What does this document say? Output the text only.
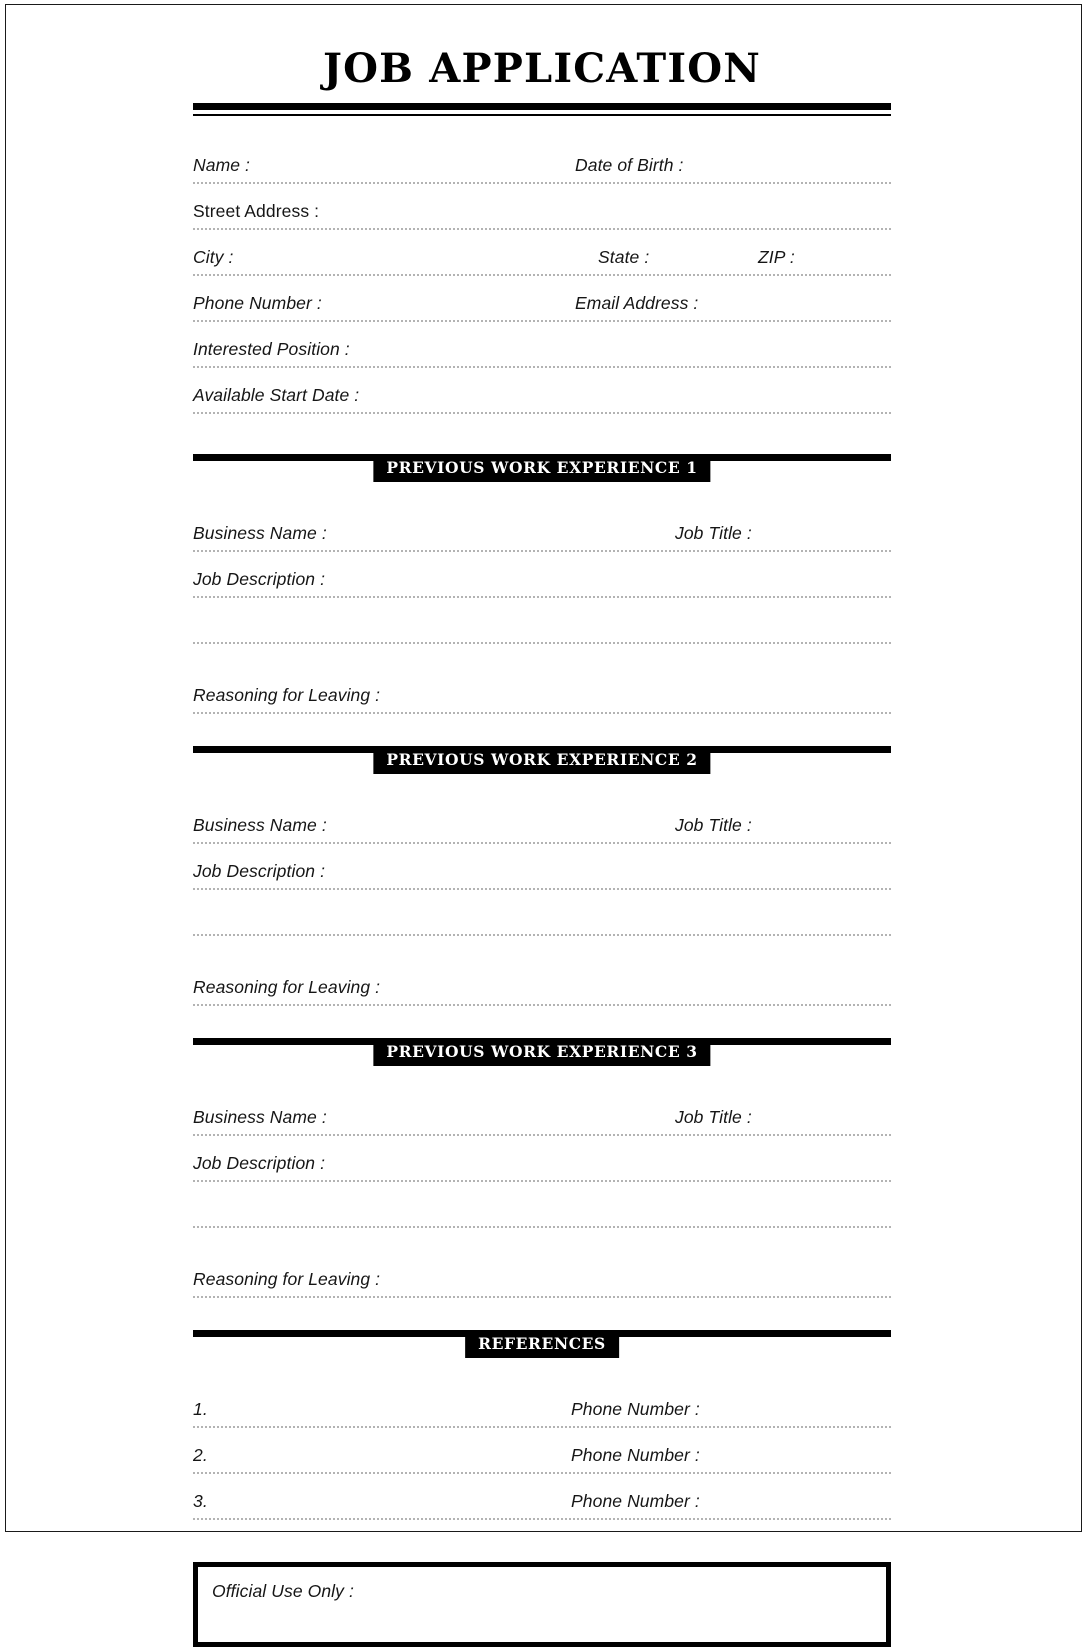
JOB APPLICATION
Name :	Date of Birth :
Street Address :
City :	State :	ZIP :
Phone Number :	Email Address :
Interested Position :
Available Start Date :
PREVIOUS WORK EXPERIENCE 1
Business Name :	Job Title :
Job Description :
Reasoning for Leaving :
PREVIOUS WORK EXPERIENCE 2
Business Name :	Job Title :
Job Description :
Reasoning for Leaving :
PREVIOUS WORK EXPERIENCE 3
Business Name :	Job Title :
Job Description :
Reasoning for Leaving :
REFERENCES
1.	Phone Number :
2.	Phone Number :
3.	Phone Number :
Official Use Only :
